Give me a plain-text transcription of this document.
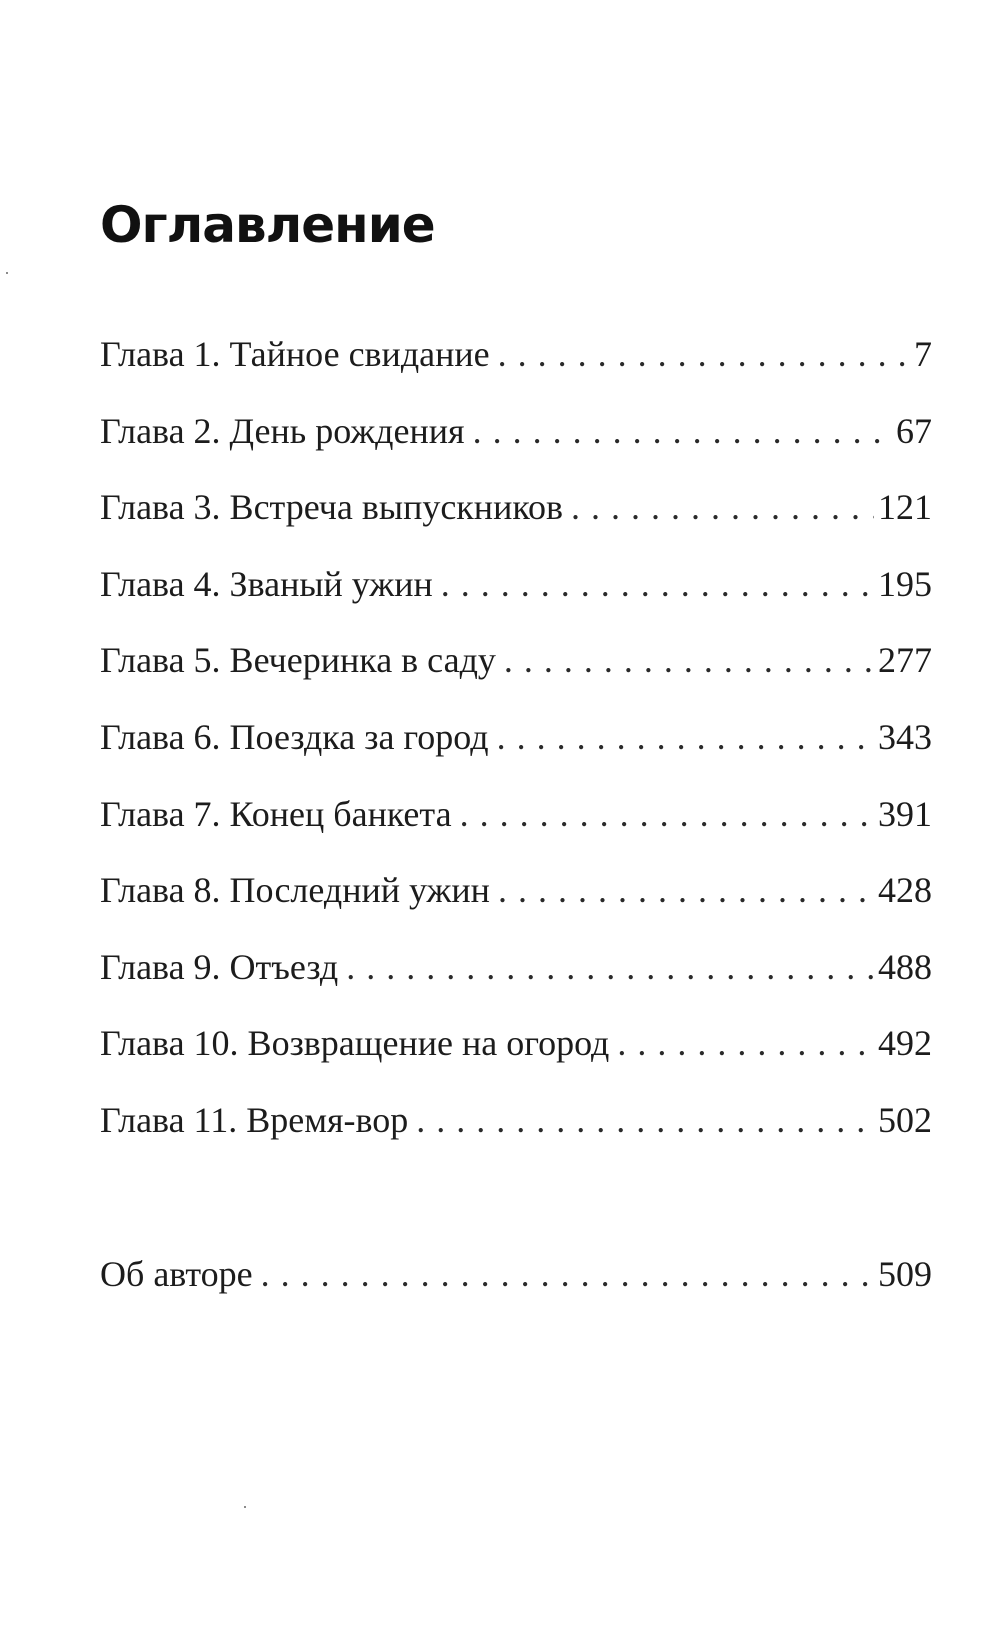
Оглавление
Глава 1. Тайное свидание . . .	7
Глава 2. День рождения . . .	67
Глава 3. Встреча выпускников . . .	121
Глава 4. Званый ужин . . .	195
Глава 5. Вечеринка в саду . . .	277
Глава 6. Поездка за город . . .	343
Глава 7. Конец банкета . . .	391
Глава 8. Последний ужин . . .	428
Глава 9. Отъезд . . .	488
Глава 10. Возвращение на огород . . .	492
Глава 11. Время-вор . . .	502
Об авторе . . .	509
